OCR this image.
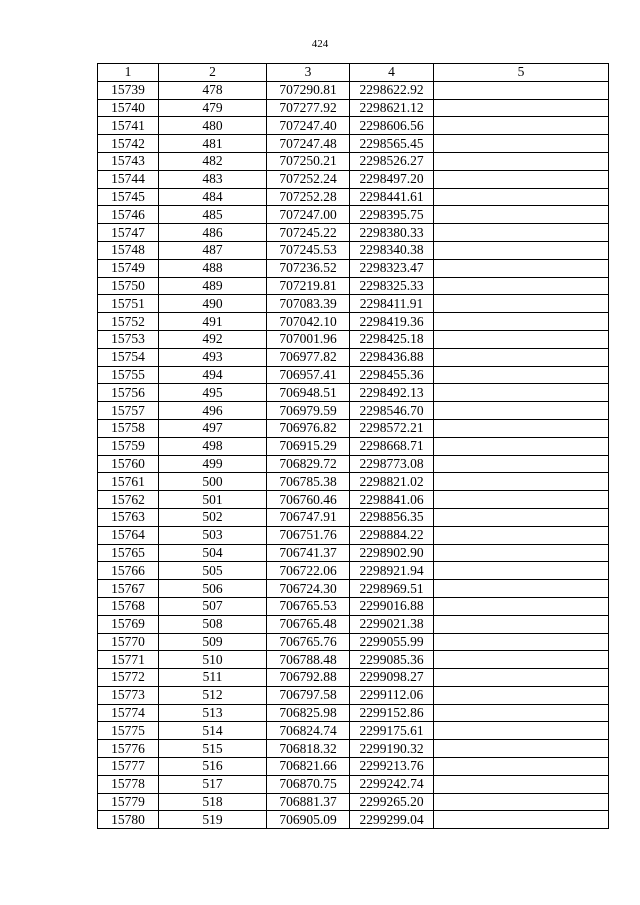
424
1	2	3	4	5
15739	478	707290.81	2298622.92	
15740	479	707277.92	2298621.12	
15741	480	707247.40	2298606.56	
15742	481	707247.48	2298565.45	
15743	482	707250.21	2298526.27	
15744	483	707252.24	2298497.20	
15745	484	707252.28	2298441.61	
15746	485	707247.00	2298395.75	
15747	486	707245.22	2298380.33	
15748	487	707245.53	2298340.38	
15749	488	707236.52	2298323.47	
15750	489	707219.81	2298325.33	
15751	490	707083.39	2298411.91	
15752	491	707042.10	2298419.36	
15753	492	707001.96	2298425.18	
15754	493	706977.82	2298436.88	
15755	494	706957.41	2298455.36	
15756	495	706948.51	2298492.13	
15757	496	706979.59	2298546.70	
15758	497	706976.82	2298572.21	
15759	498	706915.29	2298668.71	
15760	499	706829.72	2298773.08	
15761	500	706785.38	2298821.02	
15762	501	706760.46	2298841.06	
15763	502	706747.91	2298856.35	
15764	503	706751.76	2298884.22	
15765	504	706741.37	2298902.90	
15766	505	706722.06	2298921.94	
15767	506	706724.30	2298969.51	
15768	507	706765.53	2299016.88	
15769	508	706765.48	2299021.38	
15770	509	706765.76	2299055.99	
15771	510	706788.48	2299085.36	
15772	511	706792.88	2299098.27	
15773	512	706797.58	2299112.06	
15774	513	706825.98	2299152.86	
15775	514	706824.74	2299175.61	
15776	515	706818.32	2299190.32	
15777	516	706821.66	2299213.76	
15778	517	706870.75	2299242.74	
15779	518	706881.37	2299265.20	
15780	519	706905.09	2299299.04	
